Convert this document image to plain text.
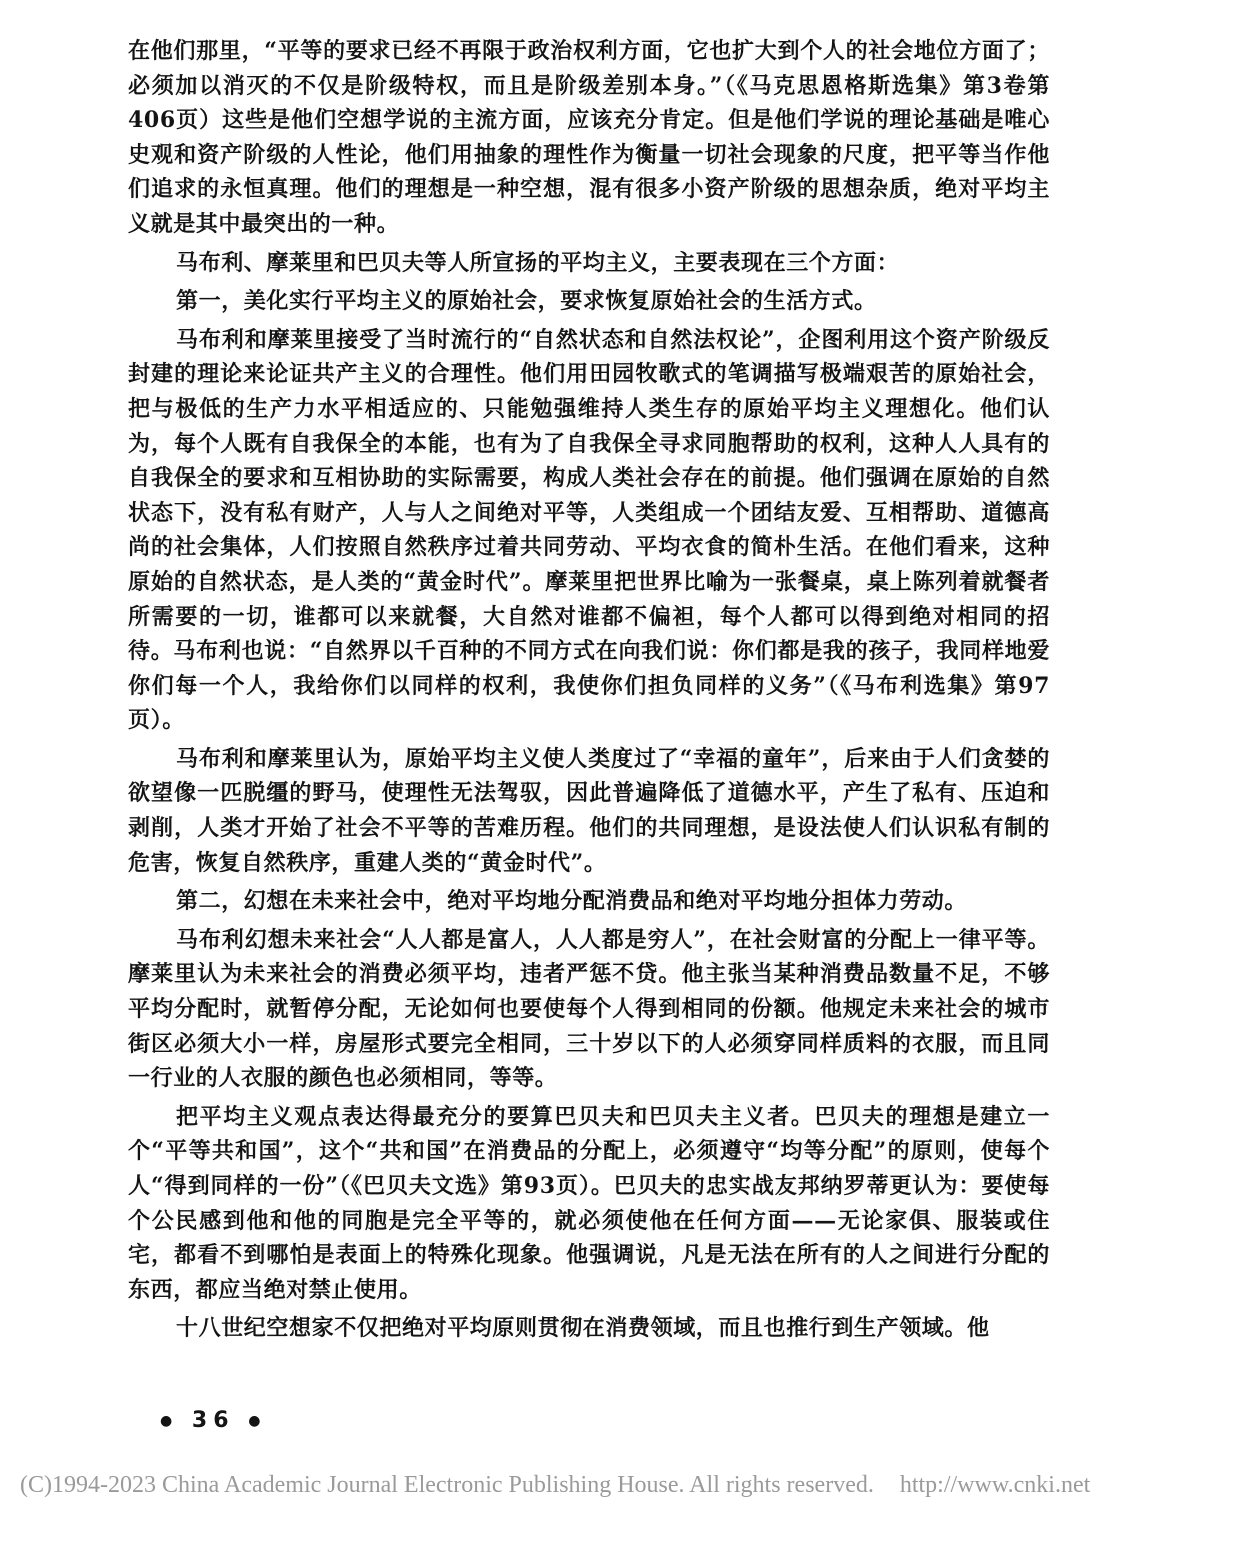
在他们那里，“平等的要求已经不再限于政治权利方面，它也扩大到个人的社会地位方面了；必须加以消灭的不仅是阶级特权，而且是阶级差别本身。”（《马克思恩格斯选集》第3卷第406页）这些是他们空想学说的主流方面，应该充分肯定。但是他们学说的理论基础是唯心史观和资产阶级的人性论，他们用抽象的理性作为衡量一切社会现象的尺度，把平等当作他们追求的永恒真理。他们的理想是一种空想，混有很多小资产阶级的思想杂质，绝对平均主义就是其中最突出的一种。

马布利、摩莱里和巴贝夫等人所宣扬的平均主义，主要表现在三个方面：

第一，美化实行平均主义的原始社会，要求恢复原始社会的生活方式。

马布利和摩莱里接受了当时流行的“自然状态和自然法权论”，企图利用这个资产阶级反封建的理论来论证共产主义的合理性。他们用田园牧歌式的笔调描写极端艰苦的原始社会，把与极低的生产力水平相适应的、只能勉强维持人类生存的原始平均主义理想化。他们认为，每个人既有自我保全的本能，也有为了自我保全寻求同胞帮助的权利，这种人人具有的自我保全的要求和互相协助的实际需要，构成人类社会存在的前提。他们强调在原始的自然状态下，没有私有财产，人与人之间绝对平等，人类组成一个团结友爱、互相帮助、道德高尚的社会集体，人们按照自然秩序过着共同劳动、平均衣食的简朴生活。在他们看来，这种原始的自然状态，是人类的“黄金时代”。摩莱里把世界比喻为一张餐桌，桌上陈列着就餐者所需要的一切，谁都可以来就餐，大自然对谁都不偏袒，每个人都可以得到绝对相同的招待。马布利也说：“自然界以千百种的不同方式在向我们说：你们都是我的孩子，我同样地爱你们每一个人，我给你们以同样的权利，我使你们担负同样的义务”（《马布利选集》第97页）。

马布利和摩莱里认为，原始平均主义使人类度过了“幸福的童年”，后来由于人们贪婪的欲望像一匹脱缰的野马，使理性无法驾驭，因此普遍降低了道德水平，产生了私有、压迫和剥削，人类才开始了社会不平等的苦难历程。他们的共同理想，是设法使人们认识私有制的危害，恢复自然秩序，重建人类的“黄金时代”。

第二，幻想在未来社会中，绝对平均地分配消费品和绝对平均地分担体力劳动。

马布利幻想未来社会“人人都是富人，人人都是穷人”，在社会财富的分配上一律平等。摩莱里认为未来社会的消费必须平均，违者严惩不贷。他主张当某种消费品数量不足，不够平均分配时，就暂停分配，无论如何也要使每个人得到相同的份额。他规定未来社会的城市街区必须大小一样，房屋形式要完全相同，三十岁以下的人必须穿同样质料的衣服，而且同一行业的人衣服的颜色也必须相同，等等。

把平均主义观点表达得最充分的要算巴贝夫和巴贝夫主义者。巴贝夫的理想是建立一个“平等共和国”，这个“共和国”在消费品的分配上，必须遵守“均等分配”的原则，使每个人“得到同样的一份”（《巴贝夫文选》第93页）。巴贝夫的忠实战友邦纳罗蒂更认为：要使每个公民感到他和他的同胞是完全平等的，就必须使他在任何方面——无论家俱、服装或住宅，都看不到哪怕是表面上的特殊化现象。他强调说，凡是无法在所有的人之间进行分配的东西，都应当绝对禁止使用。

十八世纪空想家不仅把绝对平均原则贯彻在消费领域，而且也推行到生产领域。他

● 36 ●
(C)1994-2023 China Academic Journal Electronic Publishing House. All rights reserved. http://www.cnki.net
